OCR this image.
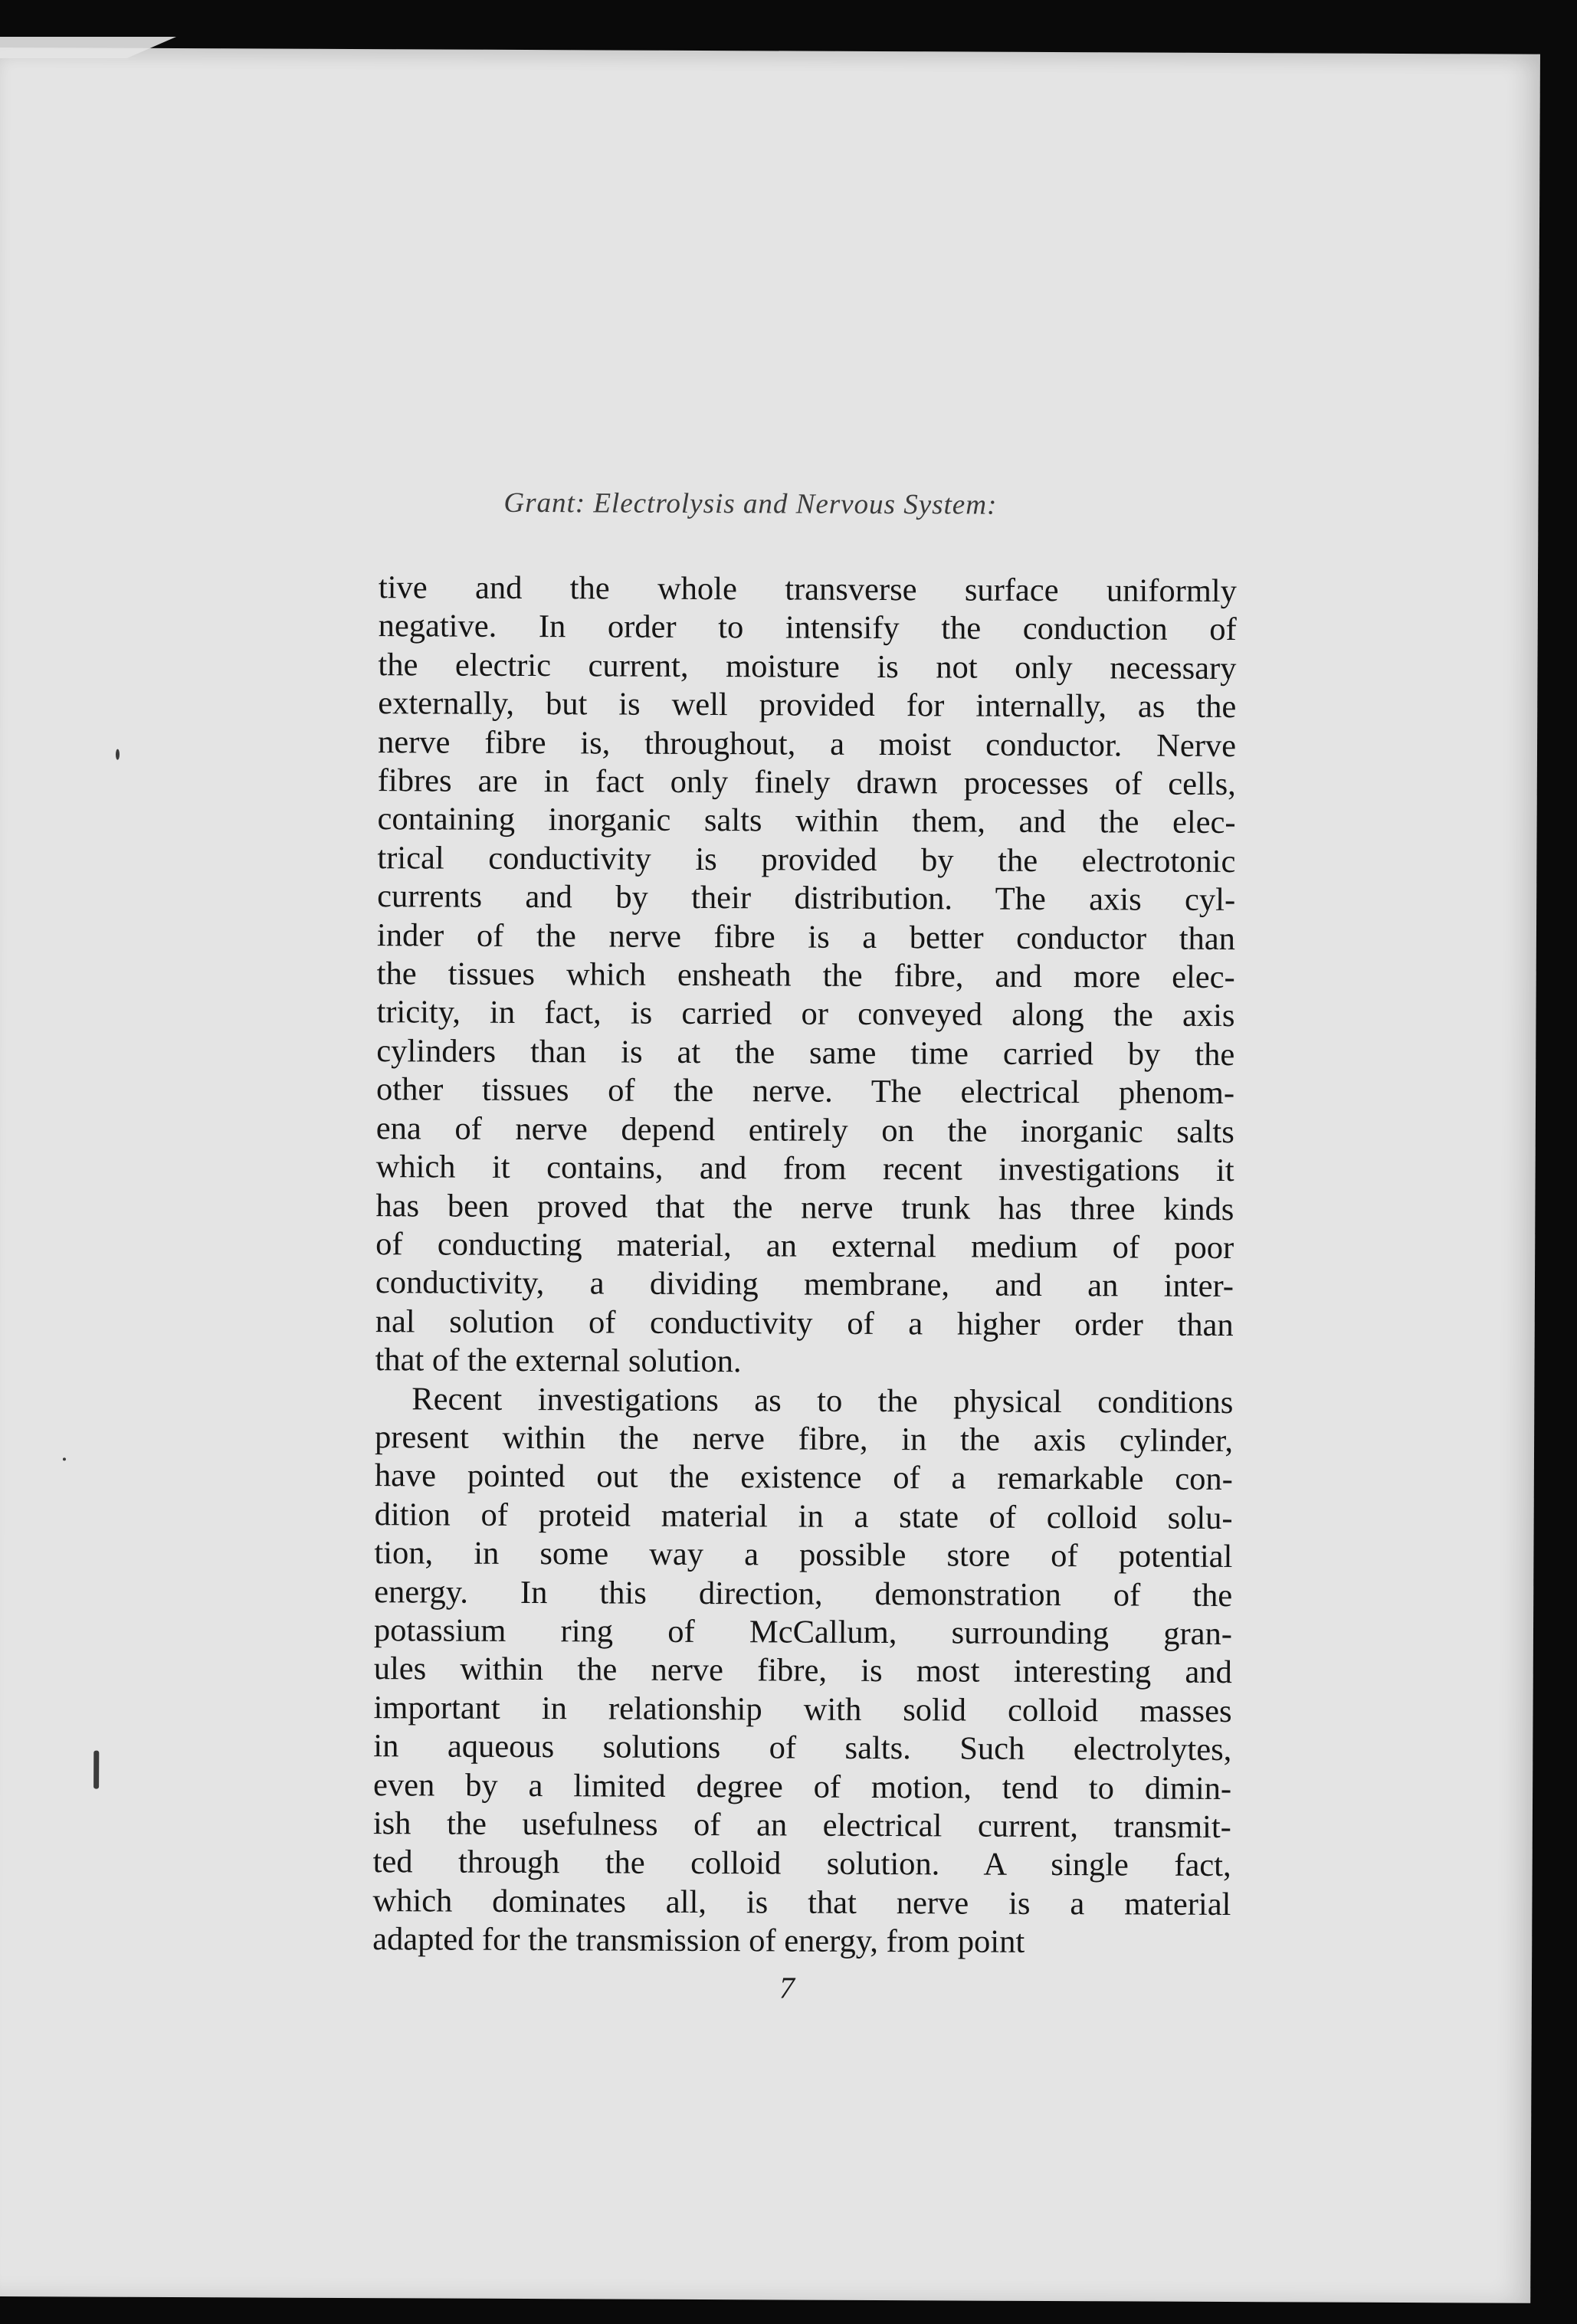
Grant: Electrolysis and Nervous System:
tive and the whole transverse surface uniformly
negative. In order to intensify the conduction of
the electric current, moisture is not only necessary
externally, but is well provided for internally, as the
nerve fibre is, throughout, a moist conductor. Nerve
fibres are in fact only finely drawn processes of cells,
containing inorganic salts within them, and the elec-
trical conductivity is provided by the electrotonic
currents and by their distribution. The axis cyl-
inder of the nerve fibre is a better conductor than
the tissues which ensheath the fibre, and more elec-
tricity, in fact, is carried or conveyed along the axis
cylinders than is at the same time carried by the
other tissues of the nerve. The electrical phenom-
ena of nerve depend entirely on the inorganic salts
which it contains, and from recent investigations it
has been proved that the nerve trunk has three kinds
of conducting material, an external medium of poor
conductivity, a dividing membrane, and an inter-
nal solution of conductivity of a higher order than
that of the external solution.
Recent investigations as to the physical conditions
present within the nerve fibre, in the axis cylinder,
have pointed out the existence of a remarkable con-
dition of proteid material in a state of colloid solu-
tion, in some way a possible store of potential
energy. In this direction, demonstration of the
potassium ring of McCallum, surrounding gran-
ules within the nerve fibre, is most interesting and
important in relationship with solid colloid masses
in aqueous solutions of salts. Such electrolytes,
even by a limited degree of motion, tend to dimin-
ish the usefulness of an electrical current, transmit-
ted through the colloid solution. A single fact,
which dominates all, is that nerve is a material
adapted for the transmission of energy, from point
7
